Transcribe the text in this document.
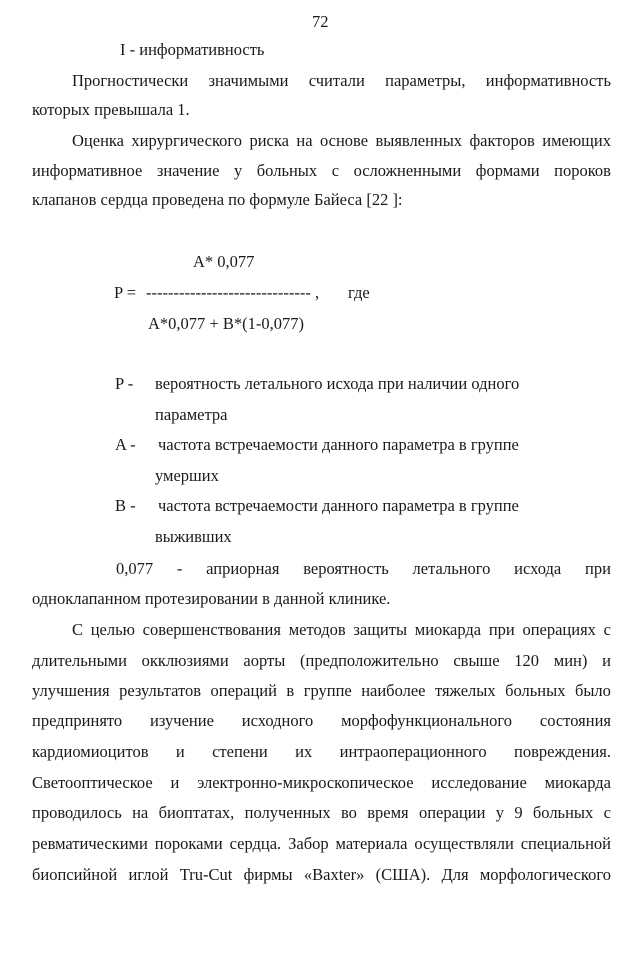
72
I - информативность
Прогностически значимыми считали параметры, информативность
которых превышала 1.
Оценка хирургического риска на основе выявленных факторов имеющих
информативное значение у больных с осложненными формами пороков
клапанов сердца проведена по формуле Байеса [22 ]:
A* 0,077
P = ------------------------------ , где
A*0,077 + B*(1-0,077)
P - вероятность летального исхода при наличии одного
параметра
A - частота встречаемости данного параметра в группе
умерших
B - частота встречаемости данного параметра в группе
выживших
0,077 - априорная вероятность летального исхода при
одноклапанном протезировании в данной клинике.
С целью совершенствования методов защиты миокарда при операциях с
длительными окклюзиями аорты (предположительно свыше 120 мин) и
улучшения результатов операций в группе наиболее тяжелых больных было
предпринято изучение исходного морфофункционального состояния
кардиомиоцитов и степени их интраоперационного повреждения.
Светооптическое и электронно-микроскопическое исследование миокарда
проводилось на биоптатах, полученных во время операции у 9 больных с
ревматическими пороками сердца. Забор материала осуществляли специальной
биопсийной иглой Tru-Cut фирмы «Baxter» (США). Для морфологического
